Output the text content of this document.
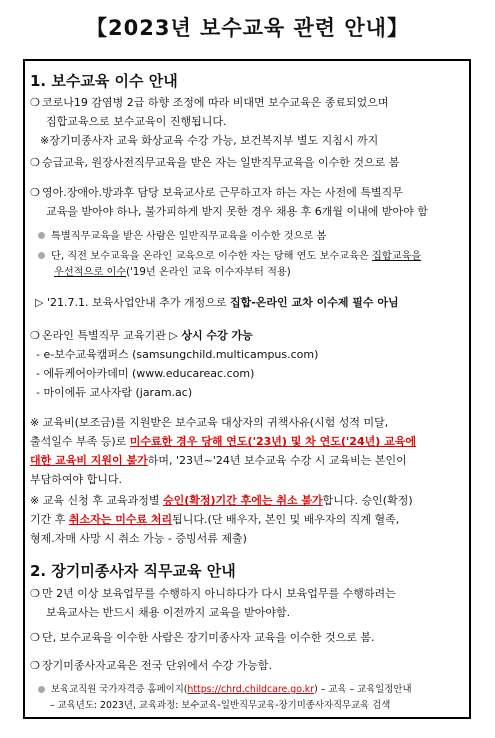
【2023년 보수교육 관련 안내】
1. 보수교육 이수 안내
❍ 코로나19 감염병 2급 하향 조정에 따라 비대면 보수교육은 종료되었으며
집합교육으로 보수교육이 진행됩니다.
※장기미종사자 교육 화상교육 수강 가능, 보건복지부 별도 지침시 까지
❍ 승급교육, 원장사전직무교육을 받은 자는 일반직무교육을 이수한 것으로 봄
❍ 영아.장애아.방과후 담당 보육교사로 근무하고자 하는 자는 사전에 특별직무
교육을 받아야 하나, 불가피하게 받지 못한 경우 채용 후 6개월 이내에 받아야 함
특별직무교육을 받은 사람은 일반직무교육을 이수한 것으로 봄
단, 직전 보수교육을 온라인 교육으로 이수한 자는 당해 연도 보수교육은 집합교육을
우선적으로 이수('19년 온라인 교육 이수자부터 적용)
▷ '21.7.1. 보육사업안내 추가 개정으로 집합-온라인 교차 이수제 필수 아님
❍ 온라인 특별직무 교육기관 ▷ 상시 수강 가능
- e-보수교육캠퍼스 (samsungchild.multicampus.com)
- 에듀케어아카데미 (www.educareac.com)
- 마이에듀 교사자람 (jaram.ac)
※ 교육비(보조금)를 지원받은 보수교육 대상자의 귀책사유(시험 성적 미달,
출석일수 부족 등)로 미수료한 경우 당해 연도('23년) 및 차 연도('24년) 교육에
대한 교육비 지원이 불가하며, '23년~'24년 보수교육 수강 시 교육비는 본인이
부담하여야 합니다.
※ 교육 신청 후 교육과정별 승인(확정)기간 후에는 취소 불가합니다. 승인(확정)
기간 후 취소자는 미수료 처리됩니다.(단 배우자, 본인 및 배우자의 직계 혈족,
형제.자매 사망 시 취소 가능 - 증빙서류 제출)
2. 장기미종사자 직무교육 안내
❍ 만 2년 이상 보육업무를 수행하지 아니하다가 다시 보육업무를 수행하려는
보육교사는 반드시 채용 이전까지 교육을 받아야함.
❍ 단, 보수교육을 이수한 사람은 장기미종사자 교육을 이수한 것으로 봄.
❍ 장기미종사자교육은 전국 단위에서 수강 가능함.
보육교직원 국가자격증 홈페이지(https://chrd.childcare.go.kr) – 교육 – 교육일정안내
– 교육년도: 2023년, 교육과정: 보수교육-일반직무교육-장기미종사자직무교육 검색
